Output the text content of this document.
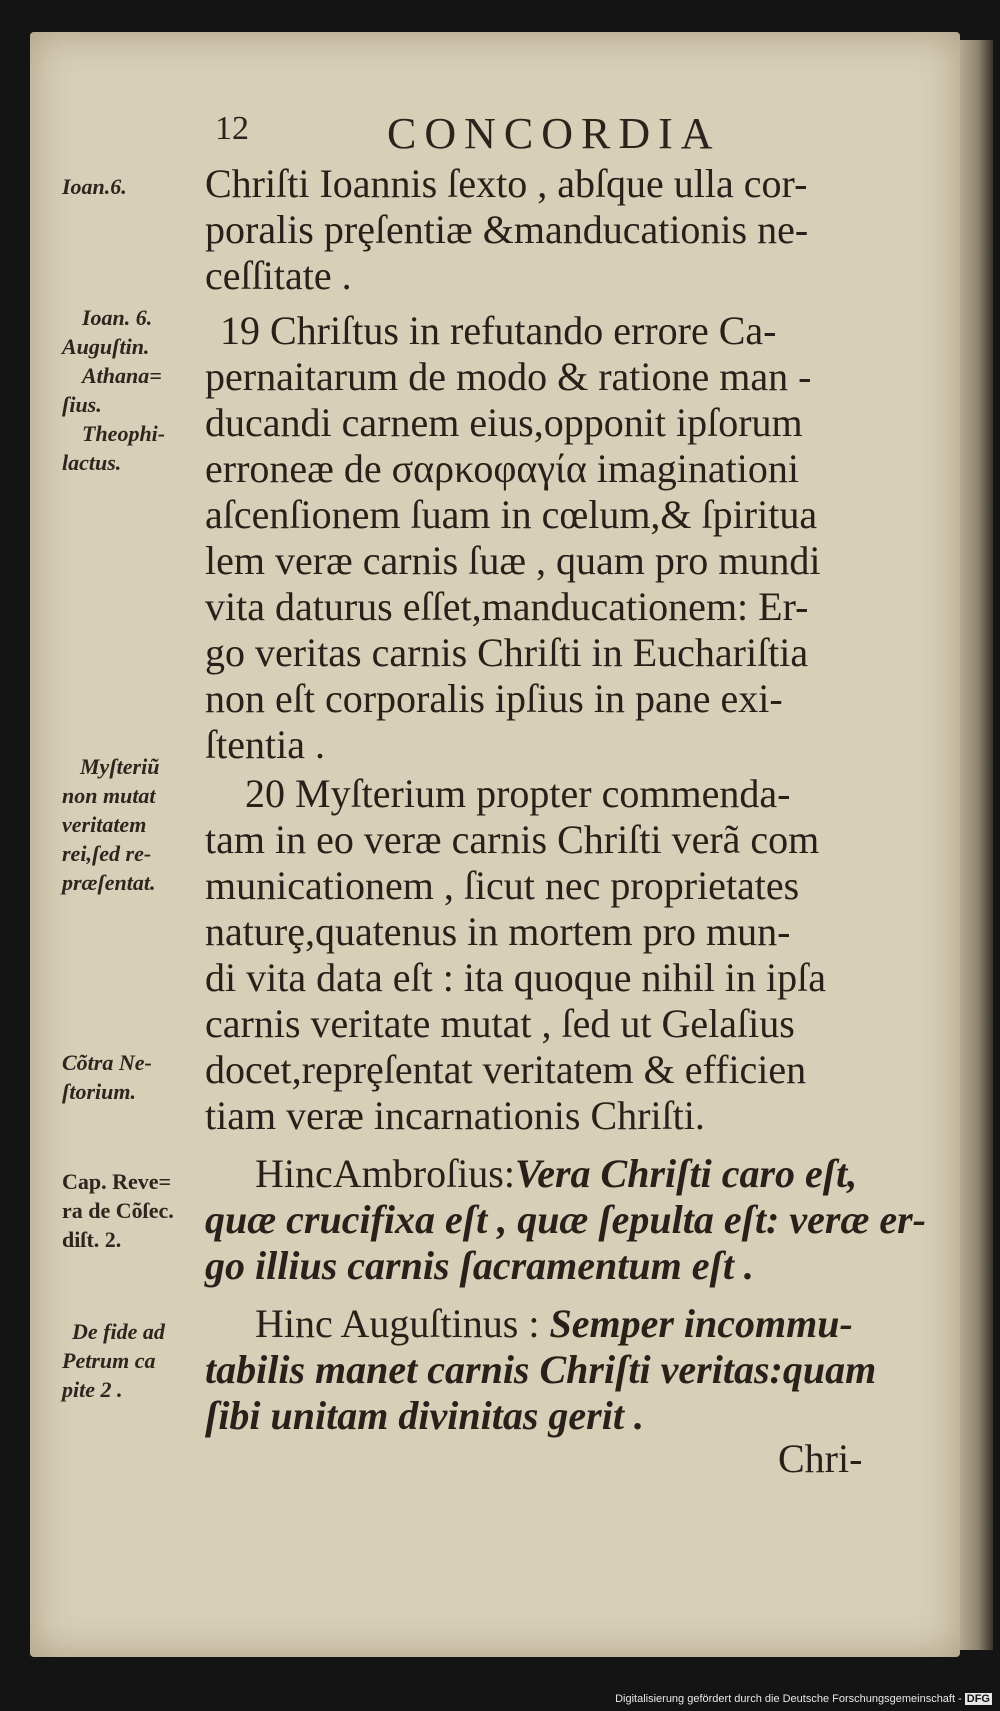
12	CONCORDIA
Chriſti Ioannis ſexto , abſque ulla cor-
poralis prȩſentiæ &manducationis ne-
ceſſitate .
19 Chriſtus in refutando errore Ca-
pernaitarum de modo & ratione man -
ducandi carnem eius,opponit ipſorum
erroneæ de σαρκοφαγία imaginationi
aſcenſionem ſuam in cœlum,& ſpiritua
lem veræ carnis ſuæ , quam pro mundi
vita daturus eſſet,manducationem: Er-
go veritas carnis Chriſti in Euchariſtia
non eſt corporalis ipſius in pane exi-
ſtentia .
20 Myſterium propter commenda-
tam in eo veræ carnis Chriſti verã com
municationem , ſicut nec proprietates
naturȩ,quatenus in mortem pro mun-
di vita data eſt : ita quoque nihil in ipſa
carnis veritate mutat , ſed ut Gelaſius
docet,reprȩſentat veritatem & efficien
tiam veræ incarnationis Chriſti.
HincAmbroſius:Vera Chriſti caro eſt,
quæ crucifixa eſt , quæ ſepulta eſt: veræ er-
go illius carnis ſacramentum eſt .
Hinc Auguſtinus : Semper incommu-
tabilis manet carnis Chriſti veritas:quam
ſibi unitam divinitas gerit .
Chri-
Ioan.6.
Ioan. 6.
Auguſtin.
Athana=
ſius.
Theophi-
lactus.
Myſteriũ
non mutat
veritatem
rei,ſed re-
præſentat.
Cõtra Ne-
ſtorium.
Cap. Reve=
ra de Cõſec.
diſt. 2.
De fide ad
Petrum ca
pite 2 .
Digitalisierung gefördert durch die Deutsche Forschungsgemeinschaft - DFG
